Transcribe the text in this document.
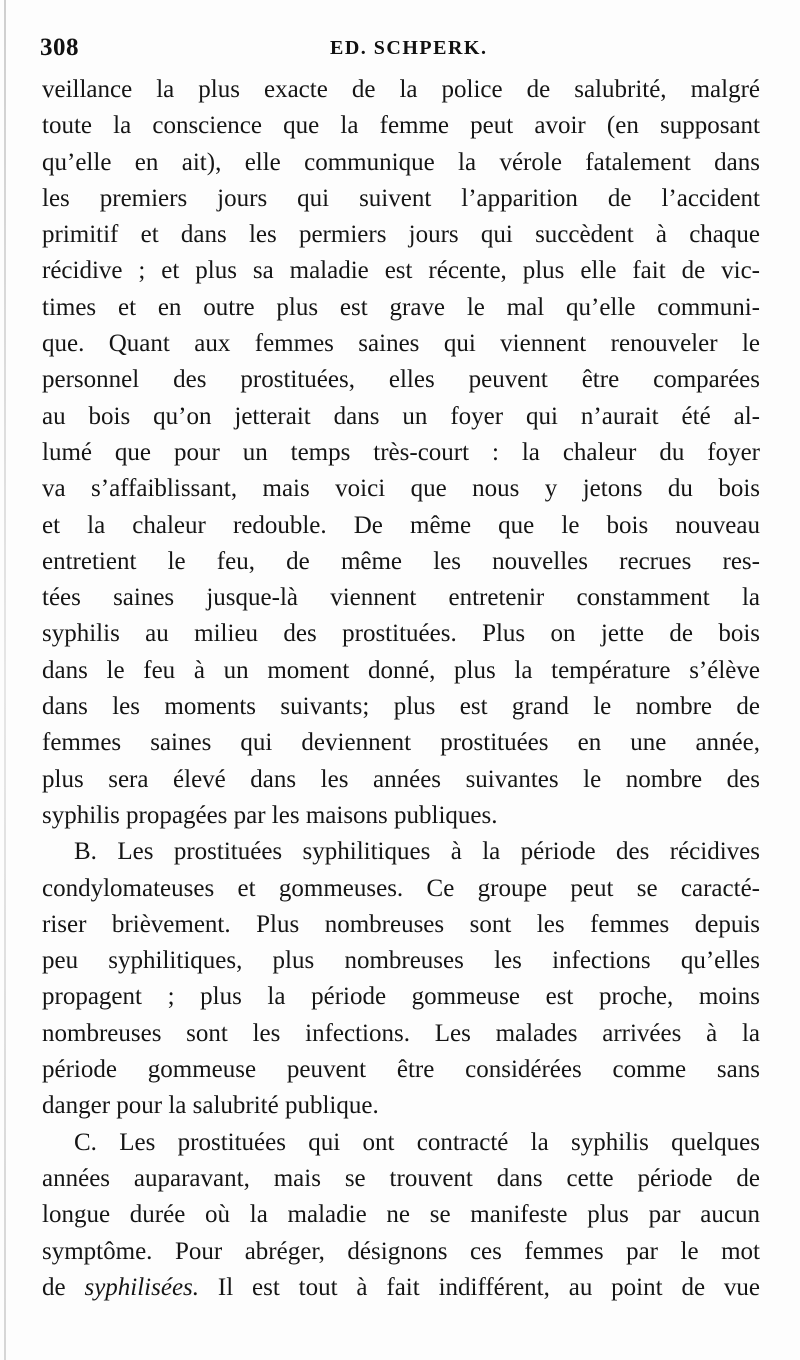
308	ED. SCHPERK.
veillance la plus exacte de la police de salubrité, malgré
toute la conscience que la femme peut avoir (en supposant
qu’elle en ait), elle communique la vérole fatalement dans
les premiers jours qui suivent l’apparition de l’accident
primitif et dans les permiers jours qui succèdent à chaque
récidive ; et plus sa maladie est récente, plus elle fait de vic-
times et en outre plus est grave le mal qu’elle communi-
que. Quant aux femmes saines qui viennent renouveler le
personnel des prostituées, elles peuvent être comparées
au bois qu’on jetterait dans un foyer qui n’aurait été al-
lumé que pour un temps très-court : la chaleur du foyer
va s’affaiblissant, mais voici que nous y jetons du bois
et la chaleur redouble. De même que le bois nouveau
entretient le feu, de même les nouvelles recrues res-
tées saines jusque-là viennent entretenir constamment la
syphilis au milieu des prostituées. Plus on jette de bois
dans le feu à un moment donné, plus la température s’élève
dans les moments suivants; plus est grand le nombre de
femmes saines qui deviennent prostituées en une année,
plus sera élevé dans les années suivantes le nombre des
syphilis propagées par les maisons publiques.
B. Les prostituées syphilitiques à la période des récidives
condylomateuses et gommeuses. Ce groupe peut se caracté-
riser brièvement. Plus nombreuses sont les femmes depuis
peu syphilitiques, plus nombreuses les infections qu’elles
propagent ; plus la période gommeuse est proche, moins
nombreuses sont les infections. Les malades arrivées à la
période gommeuse peuvent être considérées comme sans
danger pour la salubrité publique.
C. Les prostituées qui ont contracté la syphilis quelques
années auparavant, mais se trouvent dans cette période de
longue durée où la maladie ne se manifeste plus par aucun
symptôme. Pour abréger, désignons ces femmes par le mot
de syphilisées. Il est tout à fait indifférent, au point de vue
